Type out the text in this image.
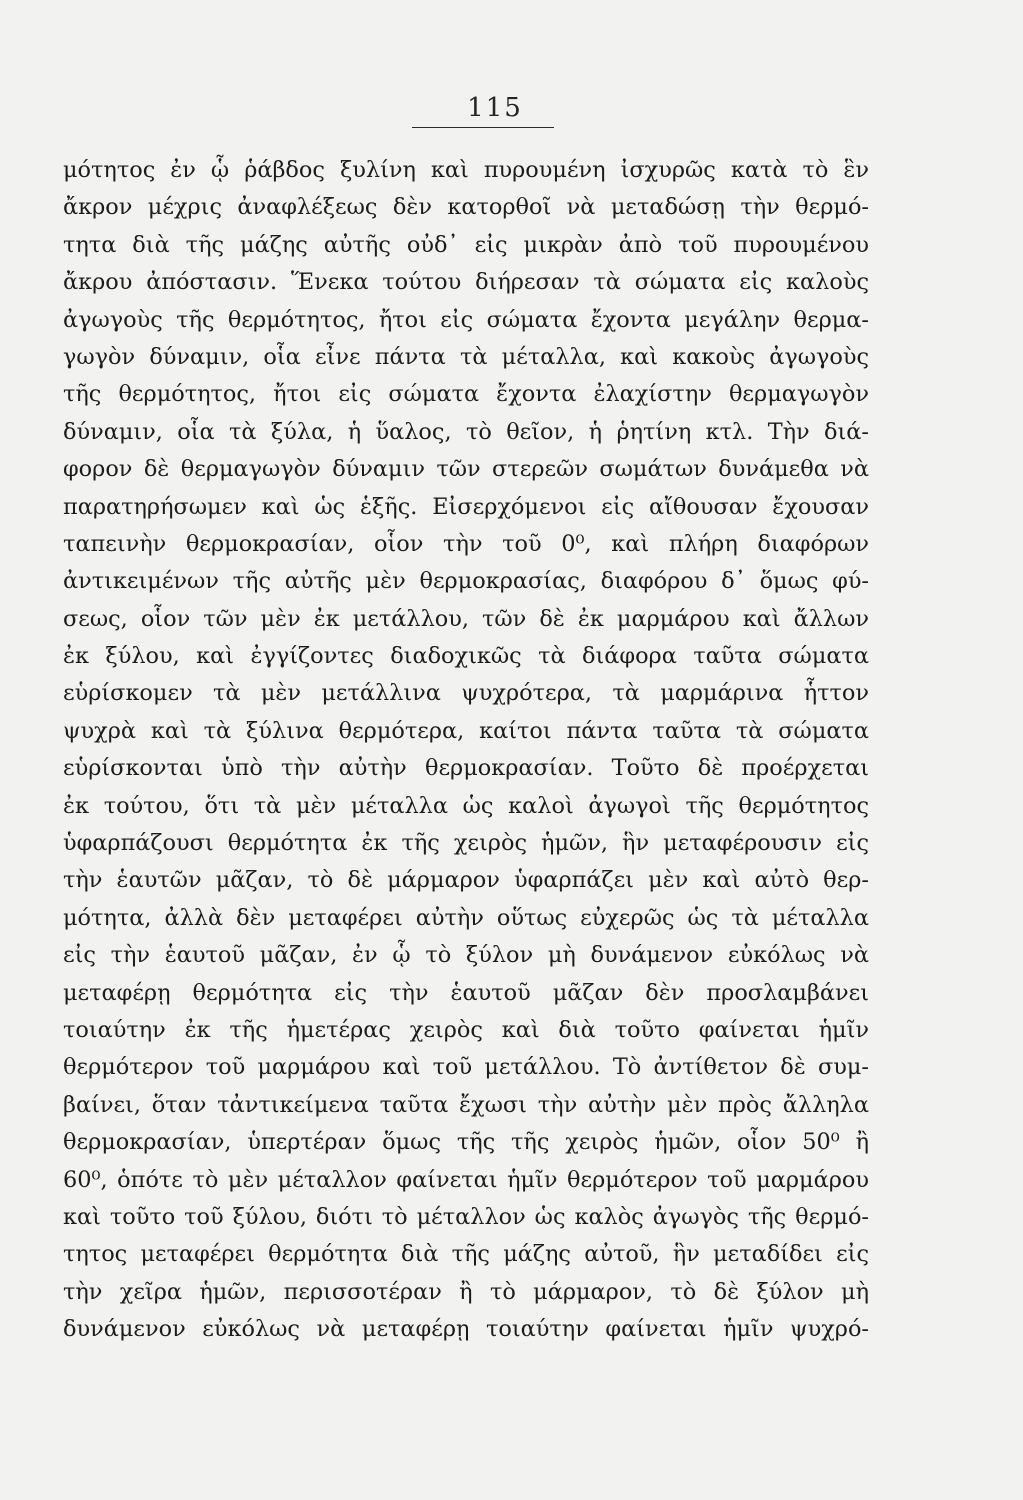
115
μότητος ἐν ᾧ ῥάβδος ξυλίνη καὶ πυρουμένη ἰσχυρῶς κατὰ τὸ ἓν
ἄκρον μέχρις ἀναφλέξεως δὲν κατορθοῖ νὰ μεταδώσῃ τὴν θερμό-
τητα διὰ τῆς μάζης αὐτῆς οὐδ᾽ εἰς μικρὰν ἀπὸ τοῦ πυρουμένου
ἄκρου ἀπόστασιν. Ἕνεκα τούτου διήρεσαν τὰ σώματα εἰς καλοὺς
ἀγωγοὺς τῆς θερμότητος, ἤτοι εἰς σώματα ἔχοντα μεγάλην θερμα-
γωγὸν δύναμιν, οἷα εἶνε πάντα τὰ μέταλλα, καὶ κακοὺς ἀγωγοὺς
τῆς θερμότητος, ἤτοι εἰς σώματα ἔχοντα ἐλαχίστην θερμαγωγὸν
δύναμιν, οἷα τὰ ξύλα, ἡ ὕαλος, τὸ θεῖον, ἡ ῥητίνη κτλ. Τὴν διά-
φορον δὲ θερμαγωγὸν δύναμιν τῶν στερεῶν σωμάτων δυνάμεθα νὰ
παρατηρήσωμεν καὶ ὡς ἑξῆς. Εἰσερχόμενοι εἰς αἴθουσαν ἔχουσαν
ταπεινὴν θερμοκρασίαν, οἷον τὴν τοῦ 0⁰, καὶ πλήρη διαφόρων
ἀντικειμένων τῆς αὐτῆς μὲν θερμοκρασίας, διαφόρου δ᾽ ὅμως φύ-
σεως, οἷον τῶν μὲν ἐκ μετάλλου, τῶν δὲ ἐκ μαρμάρου καὶ ἄλλων
ἐκ ξύλου, καὶ ἐγγίζοντες διαδοχικῶς τὰ διάφορα ταῦτα σώματα
εὑρίσκομεν τὰ μὲν μετάλλινα ψυχρότερα, τὰ μαρμάρινα ἧττον
ψυχρὰ καὶ τὰ ξύλινα θερμότερα, καίτοι πάντα ταῦτα τὰ σώματα
εὑρίσκονται ὑπὸ τὴν αὐτὴν θερμοκρασίαν. Τοῦτο δὲ προέρχεται
ἐκ τούτου, ὅτι τὰ μὲν μέταλλα ὡς καλοὶ ἀγωγοὶ τῆς θερμότητος
ὑφαρπάζουσι θερμότητα ἐκ τῆς χειρὸς ἡμῶν, ἣν μεταφέρουσιν εἰς
τὴν ἑαυτῶν μᾶζαν, τὸ δὲ μάρμαρον ὑφαρπάζει μὲν καὶ αὐτὸ θερ-
μότητα, ἀλλὰ δὲν μεταφέρει αὐτὴν οὕτως εὐχερῶς ὡς τὰ μέταλλα
εἰς τὴν ἑαυτοῦ μᾶζαν, ἐν ᾧ τὸ ξύλον μὴ δυνάμενον εὐκόλως νὰ
μεταφέρῃ θερμότητα εἰς τὴν ἑαυτοῦ μᾶζαν δὲν προσλαμβάνει
τοιαύτην ἐκ τῆς ἡμετέρας χειρὸς καὶ διὰ τοῦτο φαίνεται ἡμῖν
θερμότερον τοῦ μαρμάρου καὶ τοῦ μετάλλου. Τὸ ἀντίθετον δὲ συμ-
βαίνει, ὅταν τἀντικείμενα ταῦτα ἔχωσι τὴν αὐτὴν μὲν πρὸς ἄλληλα
θερμοκρασίαν, ὑπερτέραν ὅμως τῆς τῆς χειρὸς ἡμῶν, οἷον 50⁰ ἢ
60⁰, ὁπότε τὸ μὲν μέταλλον φαίνεται ἡμῖν θερμότερον τοῦ μαρμάρου
καὶ τοῦτο τοῦ ξύλου, διότι τὸ μέταλλον ὡς καλὸς ἀγωγὸς τῆς θερμό-
τητος μεταφέρει θερμότητα διὰ τῆς μάζης αὐτοῦ, ἣν μεταδίδει εἰς
τὴν χεῖρα ἡμῶν, περισσοτέραν ἢ τὸ μάρμαρον, τὸ δὲ ξύλον μὴ
δυνάμενον εὐκόλως νὰ μεταφέρῃ τοιαύτην φαίνεται ἡμῖν ψυχρό-
